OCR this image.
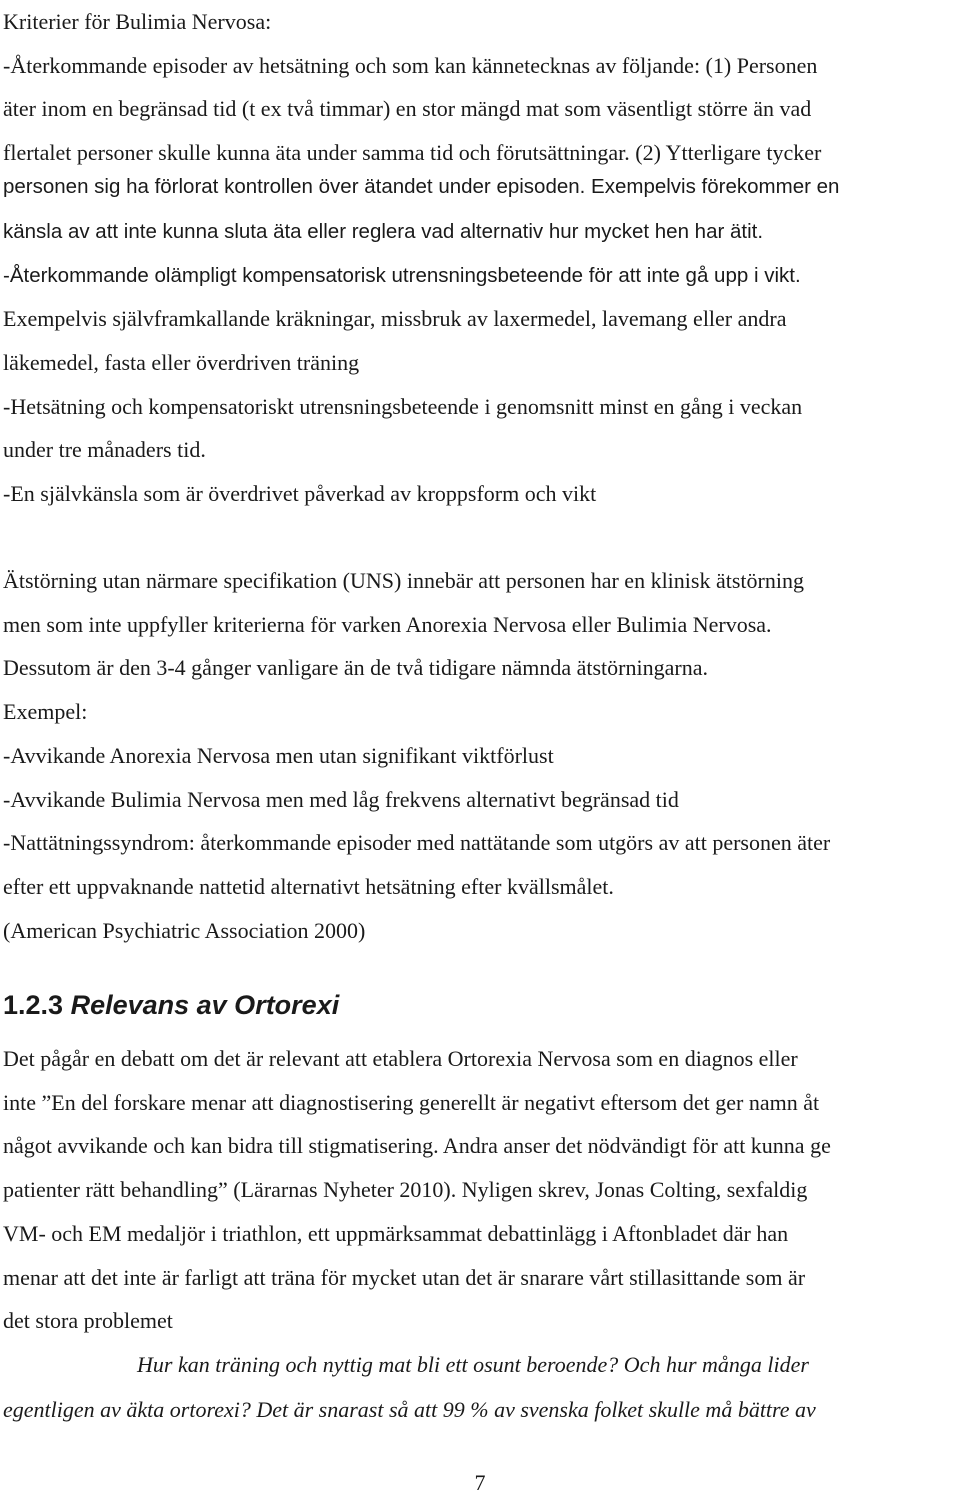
Kriterier för Bulimia Nervosa:
-Återkommande episoder av hetsätning och som kan kännetecknas av följande: (1) Personen
äter inom en begränsad tid (t ex två timmar) en stor mängd mat som väsentligt större än vad
flertalet personer skulle kunna äta under samma tid och förutsättningar. (2) Ytterligare tycker
personen sig ha förlorat kontrollen över ätandet under episoden. Exempelvis förekommer en
känsla av att inte kunna sluta äta eller reglera vad alternativ hur mycket hen har ätit.
-Återkommande olämpligt kompensatorisk utrensningsbeteende för att inte gå upp i vikt.
Exempelvis självframkallande kräkningar, missbruk av laxermedel, lavemang eller andra
läkemedel, fasta eller överdriven träning
-Hetsätning och kompensatoriskt utrensningsbeteende i genomsnitt minst en gång i veckan
under tre månaders tid.
-En självkänsla som är överdrivet påverkad av kroppsform och vikt
Ätstörning utan närmare specifikation (UNS) innebär att personen har en klinisk ätstörning
men som inte uppfyller kriterierna för varken Anorexia Nervosa eller Bulimia Nervosa.
Dessutom är den 3-4 gånger vanligare än de två tidigare nämnda ätstörningarna.
Exempel:
-Avvikande Anorexia Nervosa men utan signifikant viktförlust
-Avvikande Bulimia Nervosa men med låg frekvens alternativt begränsad tid
-Nattätningssyndrom: återkommande episoder med nattätande som utgörs av att personen äter
efter ett uppvaknande nattetid alternativt hetsätning efter kvällsmålet.
(American Psychiatric Association 2000)
1.2.3 Relevans av Ortorexi
Det pågår en debatt om det är relevant att etablera Ortorexia Nervosa som en diagnos eller
inte ”En del forskare menar att diagnostisering generellt är negativt eftersom det ger namn åt
något avvikande och kan bidra till stigmatisering. Andra anser det nödvändigt för att kunna ge
patienter rätt behandling” (Lärarnas Nyheter 2010). Nyligen skrev, Jonas Colting, sexfaldig
VM- och EM medaljör i triathlon, ett uppmärksammat debattinlägg i Aftonbladet där han
menar att det inte är farligt att träna för mycket utan det är snarare vårt stillasittande som är
det stora problemet
Hur kan träning och nyttig mat bli ett osunt beroende? Och hur många lider
egentligen av äkta ortorexi? Det är snarast så att 99 % av svenska folket skulle må bättre av
7
